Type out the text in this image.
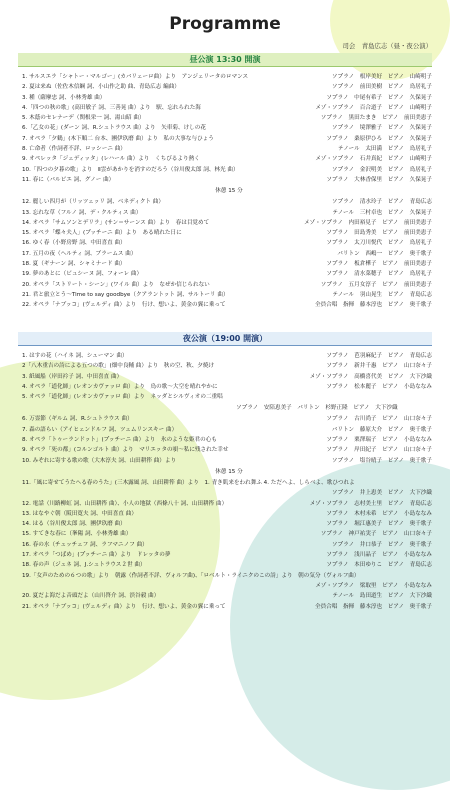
Programme
司会　青島広志（昼・夜公演）
昼公演 13:30 開演
1. サルスエラ「シャトー・マルゴー」(カバリェーロ曲）より　アンジェリータのロマンス	ソプラノ　根岸美好　ピアノ　山崎明子
2. 夏は来ぬ（佐佐木信綱 詞、小山作之助 曲、青島広志 編曲）	ソプラノ　前田美樹　ピアノ　鳥居礼子
3. 種（薩摩忠 詞、小林秀雄 曲）	ソプラノ　中尾有希子　ピアノ　久保晃子
4.「四つの秋の歌」(高田敏子 詞、三善晃 曲）より　駅、忘れられた海	メゾ・ソプラノ　百合道子　ピアノ　山崎明子
5. 木蔭のセレナーデ（関根栄一 詞、湯山昭 曲）	ソプラノ　黒田たまき　ピアノ　前田美恵子
6.「乙女の花」(ダーン 詞、R.シュトラウス 曲）より　矢車菊、けしの花	ソプラノ　境澤雅子　ピアノ　久保晃子
7. オペラ「夕鶴」(木下順二 台本、團伊玖磨 曲）より　私の大事な与ひょう	ソプラノ　桑原伊ひろ　ピアノ　久保晃子
8. 亡命者（作詞者不詳、ロッシーニ 曲）	テノール　太田満　ピアノ　鳥居礼子
9. オペレッタ「ジェディッタ」(レハール 曲）より　くちびるより熱く	メゾ・ソプラノ　石井真紀　ピアノ　山崎明子
10.「四つの夕暮の歌」より　Ⅱ雲があかりを消すのだろう（谷川俊太郎 詞、林光 曲）	ソプラノ　金沢明美　ピアノ　鳥居礼子
11. 春に（バルビエ 詞、グノー 曲）	ソプラノ　大林香保里　ピアノ　久保晃子
休憩 15 分
12. 麗しい四月が（リッツェッリ 詞、ベネディクト 曲）	ソプラノ　清水玲子　ピアノ　青島広志
13. 忘れな草（フルノ 詞、デ・クルティス 曲）	テノール　三村卓也　ピアノ　久保晃子
14. オペラ「サムソンとデリラ」(サン＝サーンス 曲）より　春は目覚めて	メゾ・ソプラノ　内田裕見子　ピアノ　前田美恵子
15. オペラ「蝶々夫人」(プッチーニ 曲）より　ある晴れた日に	ソプラノ　田島秀美　ピアノ　前田美恵子
16. ゆく春（小野房野 詞、中田喜直 曲）	ソプラノ　太刀川悦代　ピアノ　鳥居礼子
17. 五月の夜（ヘルティ 詞、ブラームス 曲）	バリトン　西嶋一　ピアノ　奥千歌子
18. 夏（ギナーン 詞、シャミナード 曲）	ソプラノ　板倉樺子　ピアノ　前田美恵子
19. 夢のあとに（ビュシーヌ 詞、フォーレ 曲）	ソプラノ　清水菜穂子　ピアノ　鳥居礼子
20. オペラ「ストリート・シーン」(ワイル 曲）より　なぜか信じられない	ソプラノ　五月女淳子　ピアノ　前田美恵子
21. 君と旅立とう〜Time to say goodbye（クアラントット 詞、サルトーリ 曲）	テノール　羽山晃生　ピアノ　青島広志
22. オペラ「ナブッコ」(ヴェルディ 曲）より　行け、想いよ、黄金の翼に乗って	全員合唱　指揮　藤本淳也　ピアノ　奥千歌子
夜公演（19:00 開演）
1. はすの花（ハイネ 詞、シューマン 曲）	ソプラノ　芭羽麻紀子　ピアノ　青島広志
2「八木重吉の詩による五つの歌」(畑中良輔 曲）より　秋の空、秋、夕焼け	ソプラノ　新井千惠　ピアノ　山口奈々子
3. 紙風船（岸田衿子 詞、中田喜直 曲）	メゾ・ソプラノ　高橋喜代美　ピアノ　大下沙織
4. オペラ「道化師」(レオンカヴァッロ 曲）より　鳥の歌〜大空を晴れやかに	ソプラノ　松本麗子　ピアノ　小島ななみ
5. オペラ「道化師」(レオンカヴァッロ 曲）より　ネッダとシルヴィオの二重唱
ソプラノ　安陪恵美子　バリトン　杉野正隆　ピアノ　大下沙織
6. 万霊節（ギルム 詞、R.シュトラウス 曲）	ソプラノ　古川尚子　ピアノ　山口奈々子
7. 森の語らい（アイヒェンドルフ 詞、ツェムリンスキー 曲）	バリトン　藤原大介　ピアノ　奥千歌子
8. オペラ「トゥーランドット」(プッチーニ 曲）より　氷のような姫君の心も	ソプラノ　栗澤瑞子　ピアノ　小島ななみ
9. オペラ「死の都」(コルンゴルト 曲）より　マリエッタの唄〜私に残された幸せ	ソプラノ　岸田紀子　ピアノ　山口奈々子
10. みぞれに寄する歌の歌（大木淳夫 詞、山田耕筰 曲）より	ソプラノ　塩谷晴子　ピアノ　奥千歌子
休憩 15 分
11.「風に寄せてうたへる春のうた」(三木露風 詞、山田耕筰 曲）より　1. 青き肌来をわれ舞ふ 4. ただへよ、しらべよ、歌ひつれよ
ソプラノ　井上恵美　ピアノ　大下沙織
12. 電話（川路柳虹 詞、山田耕筰 曲）、小人の地獄（西條八十 詞、山田耕筰 曲）	メゾ・ソプラノ　志村美土里　ピアノ　青島広志
13. はなやぐ朝（阪田寛夫 詞、中田喜直 曲）	ソプラノ　木村未希　ピアノ　小島ななみ
14. はる（谷川俊太郎 詞、團伊玖磨 曲）	ソプラノ　堀江惠美子　ピアノ　奥千歌子
15. すてきな春に（峯陽 詞、小林秀雄 曲）	ソプラノ　神戸祐実子　ピアノ　山口奈々子
16. 春の水（チュッチェフ 詞、ラフマニノフ 曲）	ソプラノ　井口恭子　ピアノ　奥千歌子
17. オペラ「つばめ」(プッチーニ 曲）より　ドレッタの夢	ソプラノ　浅川晶子　ピアノ　小島ななみ
18. 春の声（ジュネ 詞、J.シュトラウス２世 曲）	ソプラノ　本田ゆりこ　ピアノ　青島広志
19.「女声のための６つの歌」より　朝露（作詞者不詳、ヴォルフ曲)、「ロベルト・ライニクのこの詩」より　朝の気分（ヴォルフ曲）
メゾ・ソプラノ　梁取里　ピアノ　小島ななみ
20. 夏だよ海だよ音頭だよ（山川啓介 詞、渋谷毅 曲）	テノール　島田道生　ピアノ　大下沙織
21. オペラ「ナブッコ」(ヴェルディ 曲）より　行け、想いよ、黄金の翼に乗って	全員合唱　指揮　藤本淳也　ピアノ　奥千歌子
